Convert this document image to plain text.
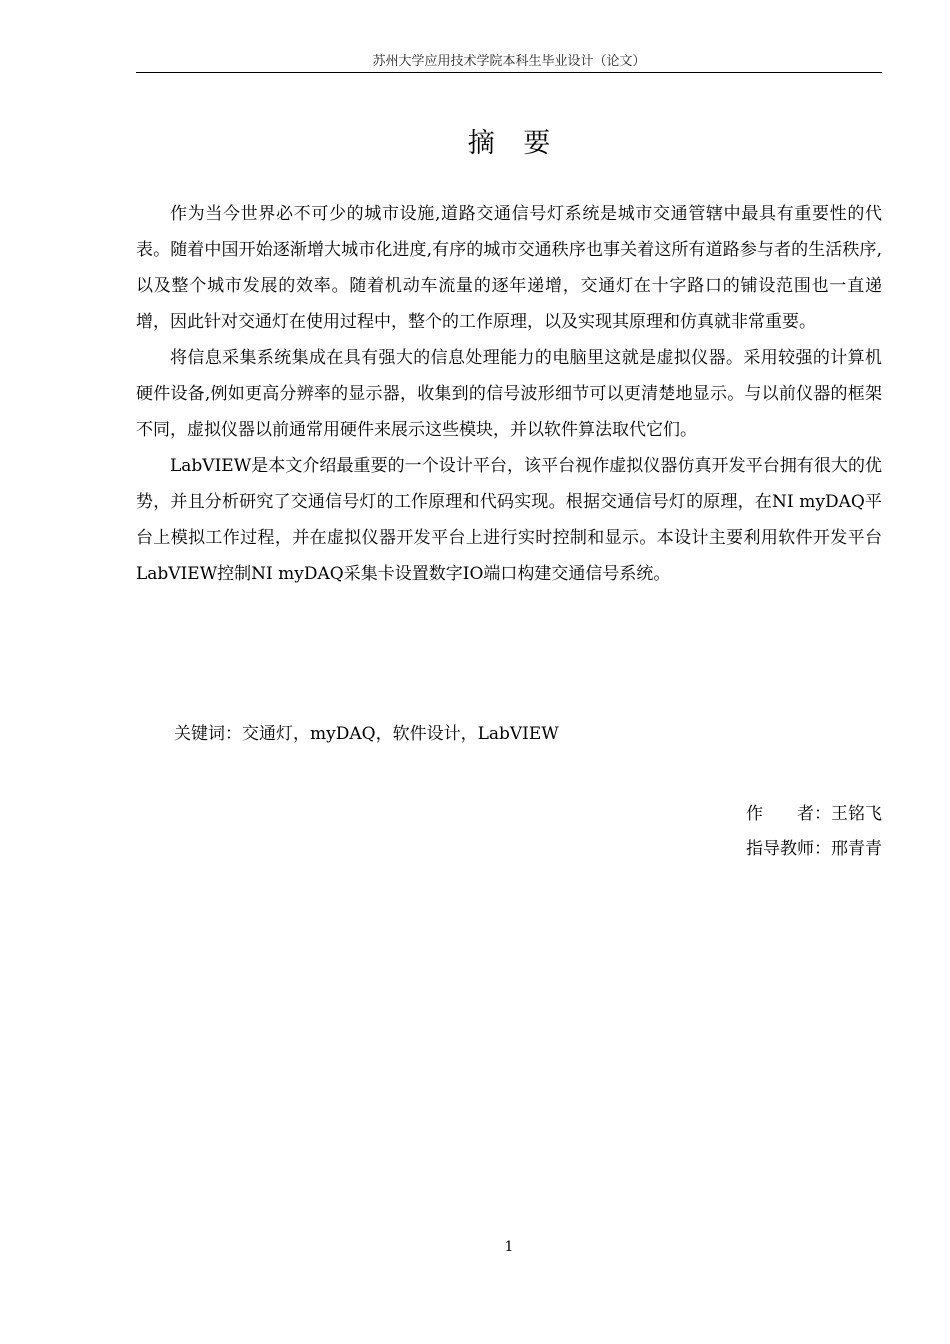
苏州大学应用技术学院本科生毕业设计（论文）
摘 要

作为当今世界必不可少的城市设施,道路交通信号灯系统是城市交通管辖中最具有重要性的代表。随着中国开始逐渐增大城市化进度,有序的城市交通秩序也事关着这所有道路参与者的生活秩序,以及整个城市发展的效率。随着机动车流量的逐年递增，交通灯在十字路口的铺设范围也一直递增，因此针对交通灯在使用过程中，整个的工作原理，以及实现其原理和仿真就非常重要。

将信息采集系统集成在具有强大的信息处理能力的电脑里这就是虚拟仪器。采用较强的计算机硬件设备,例如更高分辨率的显示器，收集到的信号波形细节可以更清楚地显示。与以前仪器的框架不同，虚拟仪器以前通常用硬件来展示这些模块，并以软件算法取代它们。

LabVIEW是本文介绍最重要的一个设计平台，该平台视作虚拟仪器仿真开发平台拥有很大的优势，并且分析研究了交通信号灯的工作原理和代码实现。根据交通信号灯的原理，在NI myDAQ平台上模拟工作过程，并在虚拟仪器开发平台上进行实时控制和显示。本设计主要利用软件开发平台LabVIEW控制NI myDAQ采集卡设置数字IO端口构建交通信号系统。

关键词：交通灯，myDAQ，软件设计，LabVIEW
作　　者：王铭飞
指导教师：邢青青
1
